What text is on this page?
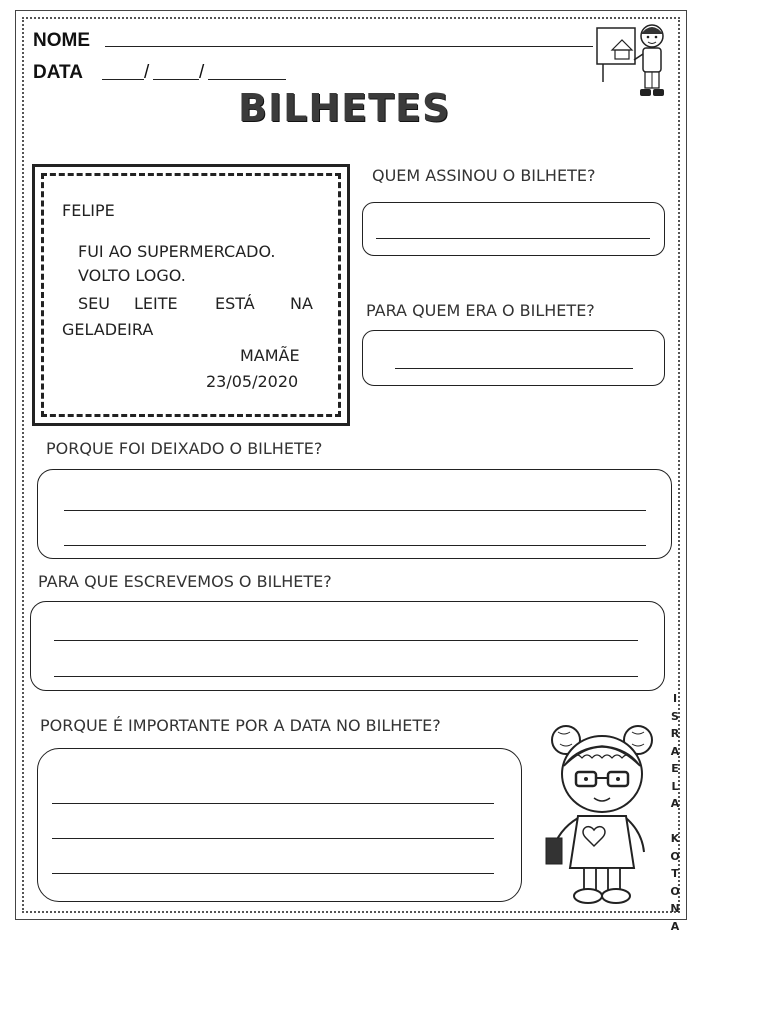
NOME
DATA	/	/
BILHETES
FELIPE
FUI AO SUPERMERCADO.
VOLTO LOGO.
SEU LEITE ESTÁ NA
GELADEIRA
MAMÃE
23/05/2020
QUEM ASSINOU O BILHETE?
PARA QUEM ERA O BILHETE?
PORQUE FOI DEIXADO O BILHETE?
PARA QUE ESCREVEMOS O BILHETE?
PORQUE É IMPORTANTE POR A DATA NO BILHETE?
I
S
R
A
E
L
A

K
O
T
O
N
A
